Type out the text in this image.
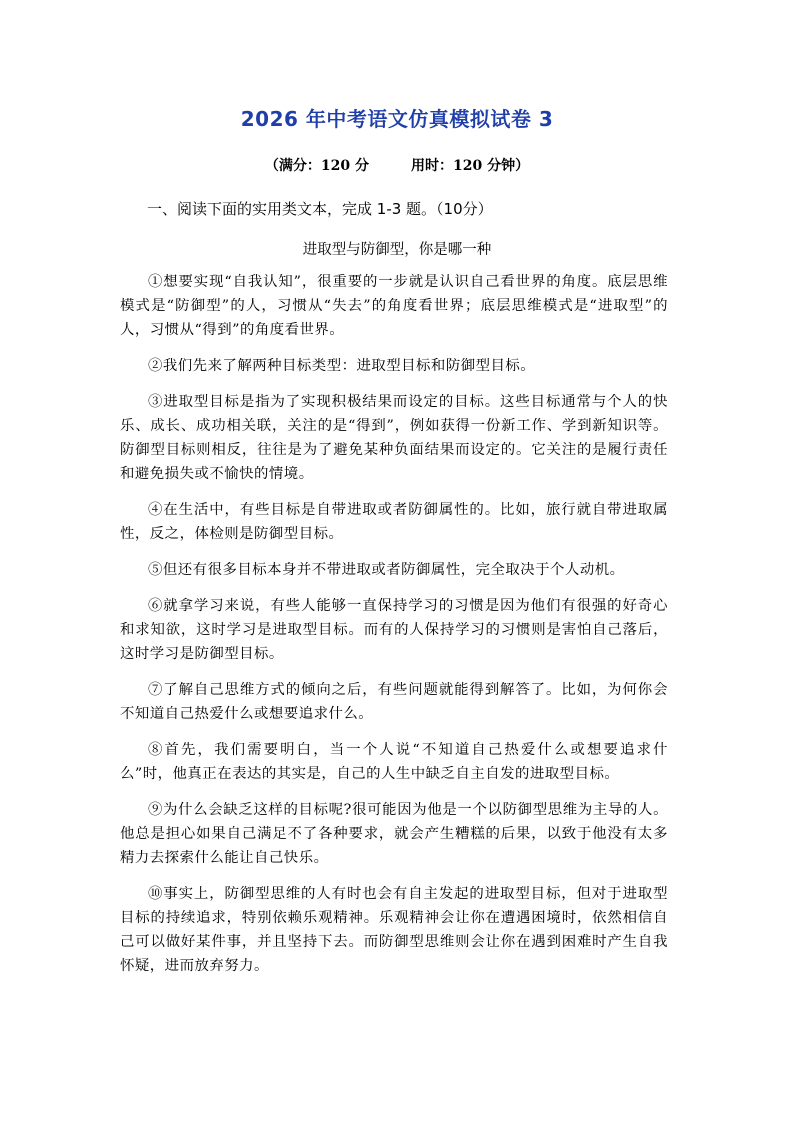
2026 年中考语文仿真模拟试卷 3
（满分：120 分	用时：120 分钟）
一、阅读下面的实用类文本，完成 1-3 题。（10分）
进取型与防御型，你是哪一种

①想要实现“自我认知”，很重要的一步就是认识自己看世界的角度。底层思维模式是“防御型”的人，习惯从“失去”的角度看世界；底层思维模式是“进取型”的人，习惯从“得到”的角度看世界。

②我们先来了解两种目标类型：进取型目标和防御型目标。

③进取型目标是指为了实现积极结果而设定的目标。这些目标通常与个人的快乐、成长、成功相关联，关注的是“得到”，例如获得一份新工作、学到新知识等。防御型目标则相反，往往是为了避免某种负面结果而设定的。它关注的是履行责任和避免损失或不愉快的情境。

④在生活中，有些目标是自带进取或者防御属性的。比如，旅行就自带进取属性，反之，体检则是防御型目标。

⑤但还有很多目标本身并不带进取或者防御属性，完全取决于个人动机。

⑥就拿学习来说，有些人能够一直保持学习的习惯是因为他们有很强的好奇心和求知欲，这时学习是进取型目标。而有的人保持学习的习惯则是害怕自己落后，这时学习是防御型目标。

⑦了解自己思维方式的倾向之后，有些问题就能得到解答了。比如，为何你会不知道自己热爱什么或想要追求什么。

⑧首先，我们需要明白，当一个人说“不知道自己热爱什么或想要追求什么”时，他真正在表达的其实是，自己的人生中缺乏自主自发的进取型目标。

⑨为什么会缺乏这样的目标呢?很可能因为他是一个以防御型思维为主导的人。他总是担心如果自己满足不了各种要求，就会产生糟糕的后果，以致于他没有太多精力去探索什么能让自己快乐。

⑩事实上，防御型思维的人有时也会有自主发起的进取型目标，但对于进取型目标的持续追求，特别依赖乐观精神。乐观精神会让你在遭遇困境时，依然相信自己可以做好某件事，并且坚持下去。而防御型思维则会让你在遇到困难时产生自我怀疑，进而放弃努力。
